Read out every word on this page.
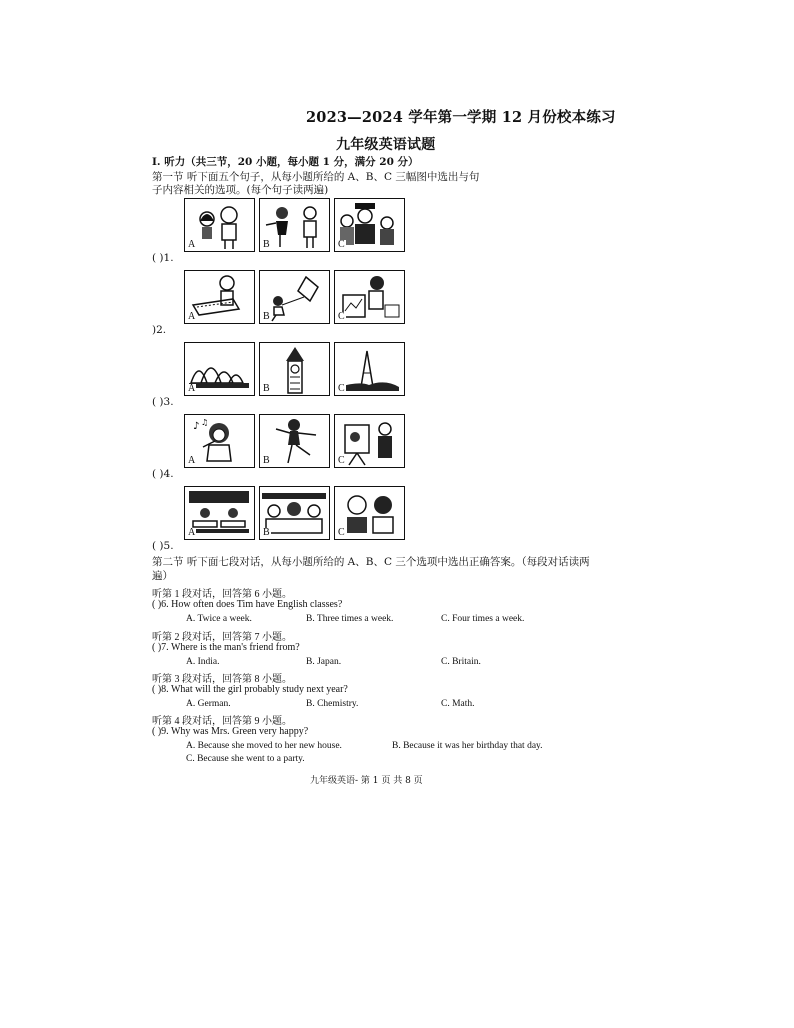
2023—2024 学年第一学期 12 月份校本练习
九年级英语试题
Ⅰ. 听力（共三节，20 小题，每小题 1 分，满分 20 分）
第一节 听下面五个句子，从每小题所给的 A、B、C 三幅图中选出与句
子内容相关的选项。(每个句子读两遍)
( )1.
A	B	C
)2.
A	B	C
( )3.
A	B	C
( )4.
♪ ♫
A	B	C
( )5.
A	B	C
第二节 听下面七段对话，从每小题所给的 A、B、C 三个选项中选出正确答案。（每段对话读两
遍）
听第 1 段对话，回答第 6 小题。
( )6. How often does Tim have English classes?
A. Twice a week.	B. Three times a week.	C. Four times a week.
听第 2 段对话，回答第 7 小题。
( )7. Where is the man's friend from?
A. India.	B. Japan.	C. Britain.
听第 3 段对话，回答第 8 小题。
( )8. What will the girl probably study next year?
A. German.	B. Chemistry.	C. Math.
听第 4 段对话，回答第 9 小题。
( )9. Why was Mrs. Green very happy?
A. Because she moved to her new house.	B. Because it was her birthday that day.
C. Because she went to a party.
九年级英语- 第 1 页 共 8 页
